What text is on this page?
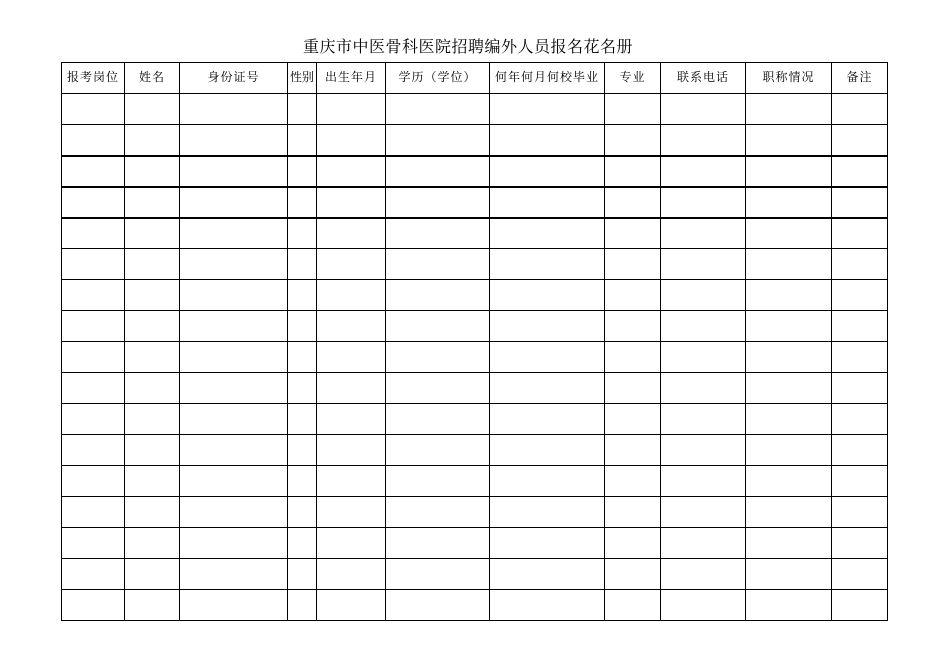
重庆市中医骨科医院招聘编外人员报名花名册
报考岗位	姓名	身份证号	性别	出生年月	学历（学位）	何年何月何校毕业	专业	联系电话	职称情况	备注
